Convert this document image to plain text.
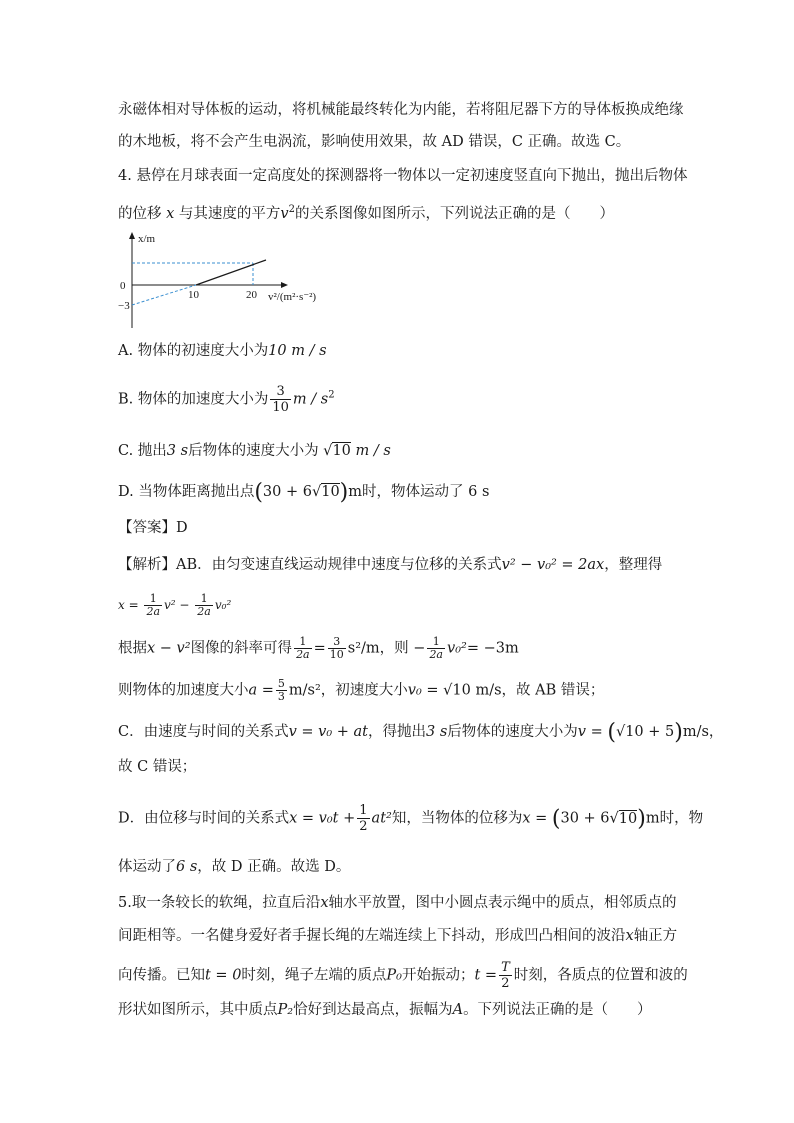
永磁体相对导体板的运动，将机械能最终转化为内能，若将阻尼器下方的导体板换成绝缘
的木地板，将不会产生电涡流，影响使用效果，故 AD 错误，C 正确。故选 C。
4. 悬停在月球表面一定高度处的探测器将一物体以一定初速度竖直向下抛出，抛出后物体
的位移 x 与其速度的平方$v^2$的关系图像如图所示，下列说法正确的是（　　）
x/m
0
−3
10	20 v²/(m²·s⁻²)
A. 物体的初速度大小为10 m / s
B. 物体的加速度大小为 $\frac{3}{10}$ m / $s^2$
C. 抛出3 s后物体的速度大小为 √10 m / s
D. 当物体距离抛出点(30 + 6√10)m时，物体运动了 6 s
【答案】D
【解析】AB．由匀变速直线运动规律中速度与位移的关系式v² − v₀² = 2ax，整理得
$x = \frac{1}{2a} v^2 - \frac{1}{2a} v_0^2$
根据x − v²图像的斜率可得 $\frac{1}{2a} = \frac{3}{10} s^2/m$，则 − $\frac{1}{2a} v_0^2= -3m$
则物体的加速度大小$a = \frac{5}{3} m/s^2$，初速度大小v₀ = √10 m/s，故 AB 错误；
C．由速度与时间的关系式v = v₀ + at，得抛出3 s后物体的速度大小为v = (√10 + 5)m/s，
故 C 错误；
D．由位移与时间的关系式$x = v_0t + \frac{1}{2} at^2$知，当物体的位移为x = (30 + 6√10)m时，物
体运动了6 s，故 D 正确。故选 D。
5.取一条较长的软绳，拉直后沿x轴水平放置，图中小圆点表示绳中的质点，相邻质点的
间距相等。一名健身爱好者手握长绳的左端连续上下抖动，形成凹凸相间的波沿x轴正方
向传播。已知t = 0时刻，绳子左端的质点P₀开始振动；$t = \frac{T}{2}$ 时刻，各质点的位置和波的
形状如图所示，其中质点P₂恰好到达最高点，振幅为A。下列说法正确的是（　　）
